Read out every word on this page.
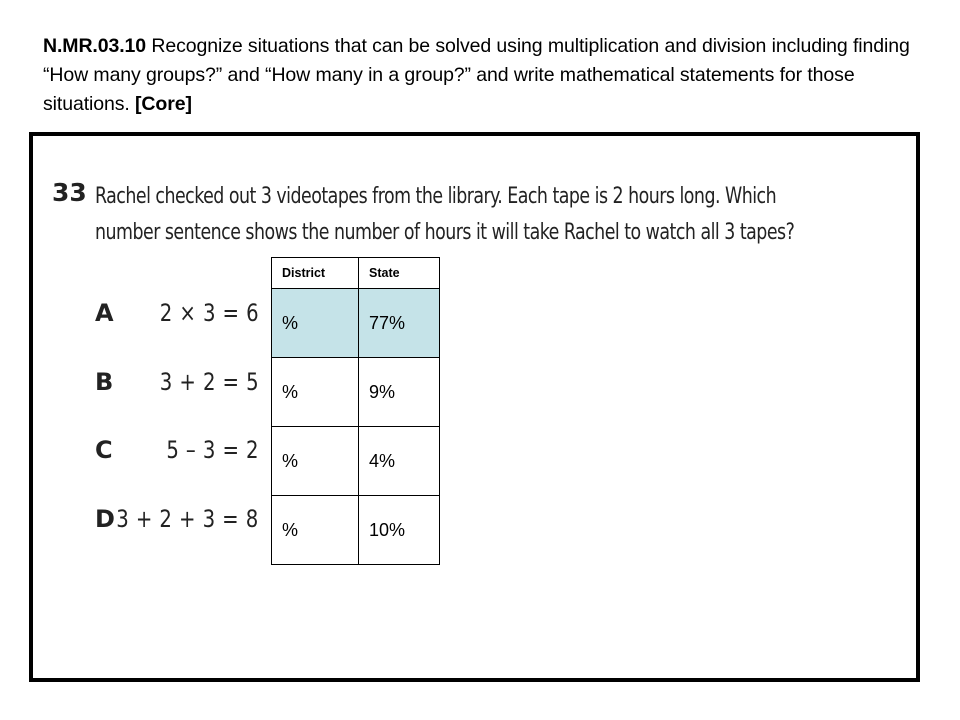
N.MR.03.10 Recognize situations that can be solved using multiplication and division including finding “How many groups?” and “How many in a group?” and write mathematical statements for those situations. [Core]
33 Rachel checked out 3 videotapes from the library. Each tape is 2 hours long. Which
number sentence shows the number of hours it will take Rachel to watch all 3 tapes?
A 2 × 3 = 6
B 3 + 2 = 5
C 5 – 3 = 2
D 3 + 2 + 3 = 8
District	State
%	77%
%	9%
%	4%
%	10%
